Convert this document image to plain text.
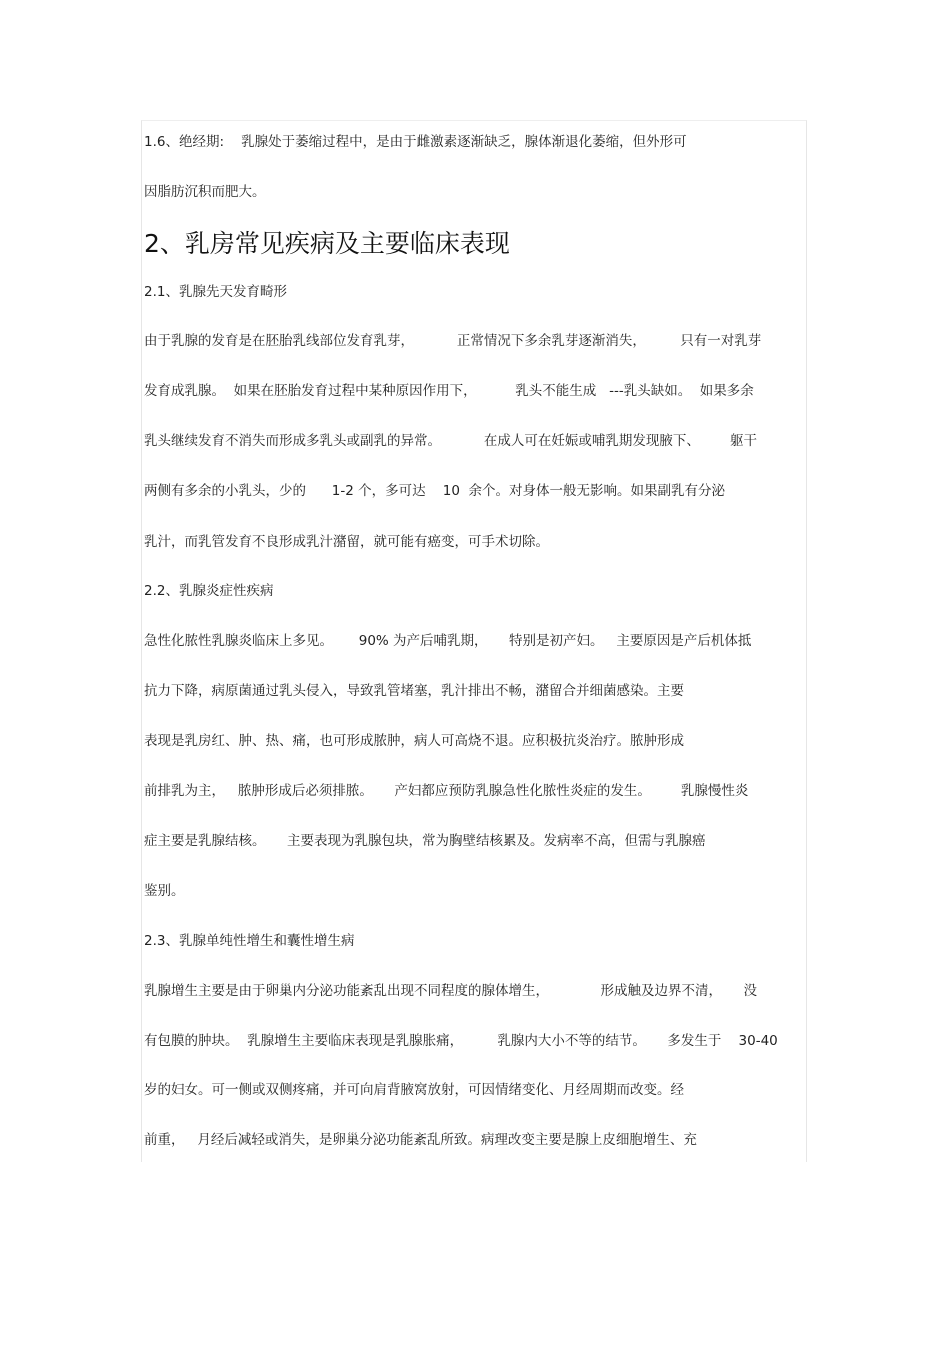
1.6、绝经期:    乳腺处于萎缩过程中，是由于雌激素逐渐缺乏，腺体渐退化萎缩，但外形可

因脂肪沉积而肥大。

2、乳房常见疾病及主要临床表现

2.1、乳腺先天发育畸形

由于乳腺的发育是在胚胎乳线部位发育乳芽，          正常情况下多余乳芽逐渐消失，        只有一对乳芽

发育成乳腺。  如果在胚胎发育过程中某种原因作用下，         乳头不能生成   ---乳头缺如。  如果多余

乳头继续发育不消失而形成多乳头或副乳的异常。          在成人可在妊娠或哺乳期发现腋下、       躯干

两侧有多余的小乳头，少的      1-2 个，多可达    10  余个。对身体一般无影响。如果副乳有分泌

乳汁，而乳管发育不良形成乳汁潴留，就可能有癌变，可手术切除。

2.2、乳腺炎症性疾病

急性化脓性乳腺炎临床上多见。      90% 为产后哺乳期，     特别是初产妇。   主要原因是产后机体抵

抗力下降，病原菌通过乳头侵入，导致乳管堵塞，乳汁排出不畅，潴留合并细菌感染。主要

表现是乳房红、肿、热、痛，也可形成脓肿，病人可高烧不退。应积极抗炎治疗。脓肿形成

前排乳为主，   脓肿形成后必须排脓。     产妇都应预防乳腺急性化脓性炎症的发生。       乳腺慢性炎

症主要是乳腺结核。     主要表现为乳腺包块，常为胸壁结核累及。发病率不高，但需与乳腺癌

鉴别。

2.3、乳腺单纯性增生和囊性增生病

乳腺增生主要是由于卵巢内分泌功能紊乱出现不同程度的腺体增生，            形成触及边界不清，     没

有包膜的肿块。  乳腺增生主要临床表现是乳腺胀痛，        乳腺内大小不等的结节。     多发生于    30-40

岁的妇女。可一侧或双侧疼痛，并可向肩背腋窝放射，可因情绪变化、月经周期而改变。经

前重，   月经后减轻或消失，是卵巢分泌功能紊乱所致。病理改变主要是腺上皮细胞增生、充
